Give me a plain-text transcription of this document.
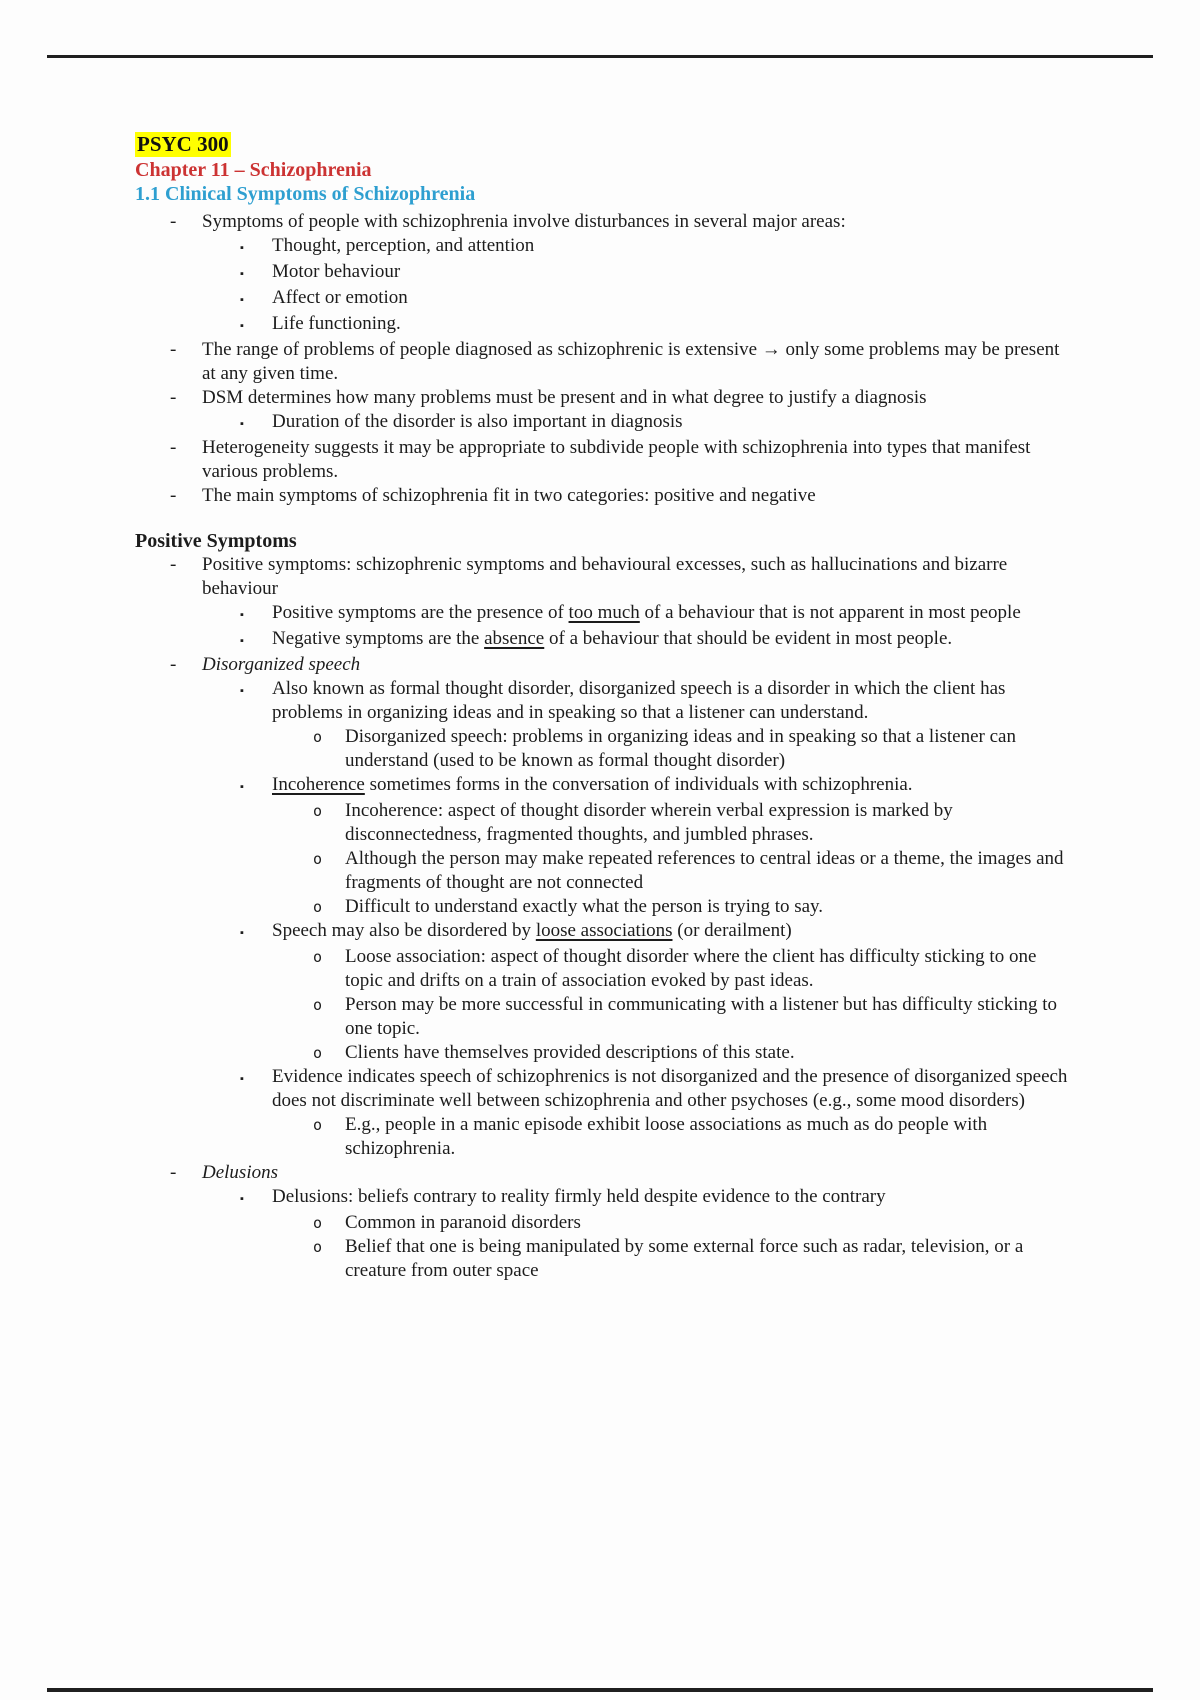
PSYC 300
Chapter 11 – Schizophrenia
1.1 Clinical Symptoms of Schizophrenia
-	Symptoms of people with schizophrenia involve disturbances in several major areas:
▪	Thought, perception, and attention
▪	Motor behaviour
▪	Affect or emotion
▪	Life functioning.
-	The range of problems of people diagnosed as schizophrenic is extensive → only some problems may be present at any given time.
-	DSM determines how many problems must be present and in what degree to justify a diagnosis
▪	Duration of the disorder is also important in diagnosis
-	Heterogeneity suggests it may be appropriate to subdivide people with schizophrenia into types that manifest various problems.
-	The main symptoms of schizophrenia fit in two categories: positive and negative
Positive Symptoms
-	Positive symptoms: schizophrenic symptoms and behavioural excesses, such as hallucinations and bizarre behaviour
▪	Positive symptoms are the presence of too much of a behaviour that is not apparent in most people
▪	Negative symptoms are the absence of a behaviour that should be evident in most people.
-	Disorganized speech
▪	Also known as formal thought disorder, disorganized speech is a disorder in which the client has problems in organizing ideas and in speaking so that a listener can understand.
o	Disorganized speech: problems in organizing ideas and in speaking so that a listener can understand (used to be known as formal thought disorder)
▪	Incoherence sometimes forms in the conversation of individuals with schizophrenia.
o	Incoherence: aspect of thought disorder wherein verbal expression is marked by disconnectedness, fragmented thoughts, and jumbled phrases.
o	Although the person may make repeated references to central ideas or a theme, the images and fragments of thought are not connected
o	Difficult to understand exactly what the person is trying to say.
▪	Speech may also be disordered by loose associations (or derailment)
o	Loose association: aspect of thought disorder where the client has difficulty sticking to one topic and drifts on a train of association evoked by past ideas.
o	Person may be more successful in communicating with a listener but has difficulty sticking to one topic.
o	Clients have themselves provided descriptions of this state.
▪	Evidence indicates speech of schizophrenics is not disorganized and the presence of disorganized speech does not discriminate well between schizophrenia and other psychoses (e.g., some mood disorders)
o	E.g., people in a manic episode exhibit loose associations as much as do people with schizophrenia.
-	Delusions
▪	Delusions: beliefs contrary to reality firmly held despite evidence to the contrary
o	Common in paranoid disorders
o	Belief that one is being manipulated by some external force such as radar, television, or a creature from outer space
